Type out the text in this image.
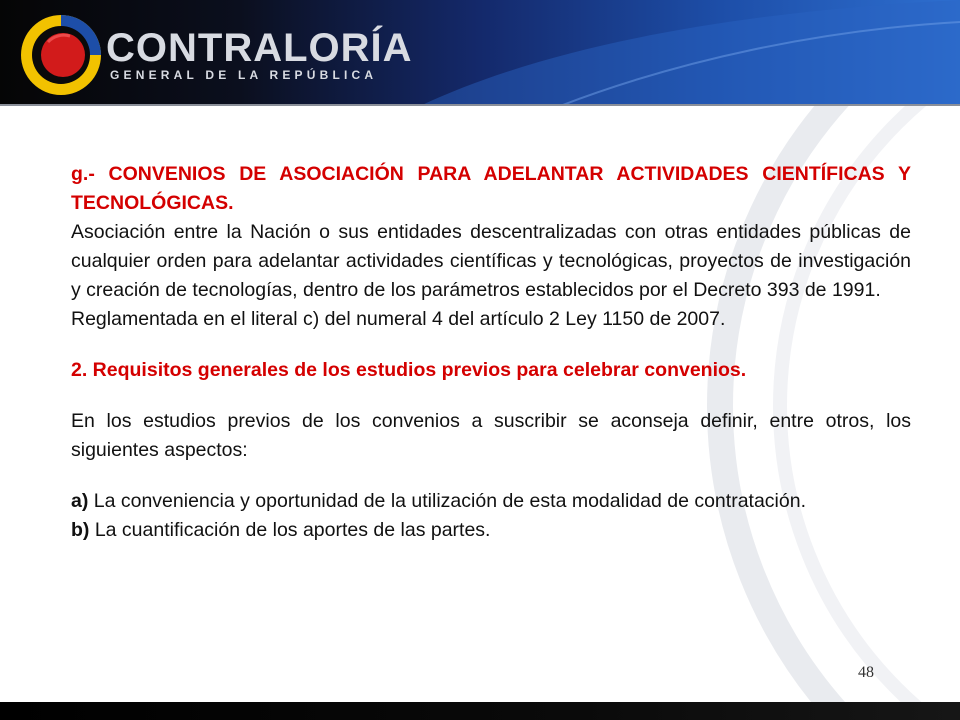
CONTRALORÍA
GENERAL DE LA REPÚBLICA

g.- CONVENIOS DE ASOCIACIÓN PARA ADELANTAR ACTIVIDADES CIENTÍFICAS Y TECNOLÓGICAS.

Asociación entre la Nación o sus entidades descentralizadas con otras entidades públicas de cualquier orden para adelantar actividades científicas y tecnológicas, proyectos de investigación y creación de tecnologías, dentro de los parámetros establecidos por el Decreto 393 de 1991.

Reglamentada en el literal c) del numeral 4 del artículo 2 Ley 1150 de 2007.

2. Requisitos generales de los estudios previos para celebrar convenios.

En los estudios previos de los convenios a suscribir se aconseja definir, entre otros, los siguientes aspectos:

a) La conveniencia y oportunidad de la utilización de esta modalidad de contratación.

b) La cuantificación de los aportes de las partes.

48
